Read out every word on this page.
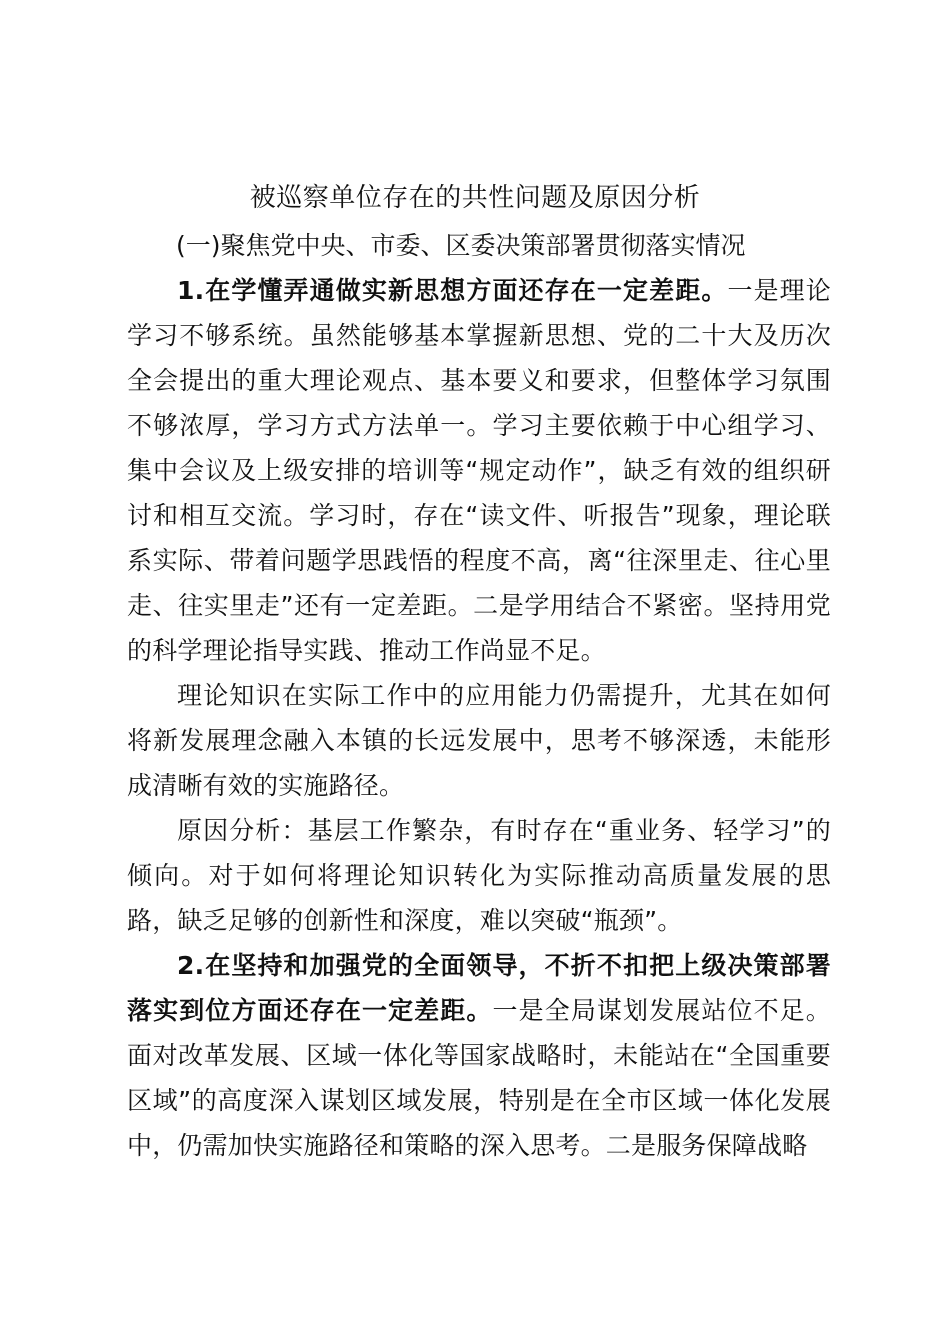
被巡察单位存在的共性问题及原因分析
(一)聚焦党中央、市委、区委决策部署贯彻落实情况

1.在学懂弄通做实新思想方面还存在一定差距。一是理论学习不够系统。虽然能够基本掌握新思想、党的二十大及历次全会提出的重大理论观点、基本要义和要求，但整体学习氛围不够浓厚，学习方式方法单一。学习主要依赖于中心组学习、集中会议及上级安排的培训等“规定动作”，缺乏有效的组织研讨和相互交流。学习时，存在“读文件、听报告”现象，理论联系实际、带着问题学思践悟的程度不高，离“往深里走、往心里走、往实里走”还有一定差距。二是学用结合不紧密。坚持用党的科学理论指导实践、推动工作尚显不足。

理论知识在实际工作中的应用能力仍需提升，尤其在如何将新发展理念融入本镇的长远发展中，思考不够深透，未能形成清晰有效的实施路径。

原因分析：基层工作繁杂，有时存在“重业务、轻学习”的倾向。对于如何将理论知识转化为实际推动高质量发展的思路，缺乏足够的创新性和深度，难以突破“瓶颈”。

2.在坚持和加强党的全面领导，不折不扣把上级决策部署落实到位方面还存在一定差距。一是全局谋划发展站位不足。面对改革发展、区域一体化等国家战略时，未能站在“全国重要区域”的高度深入谋划区域发展，特别是在全市区域一体化发展中，仍需加快实施路径和策略的深入思考。二是服务保障战略
